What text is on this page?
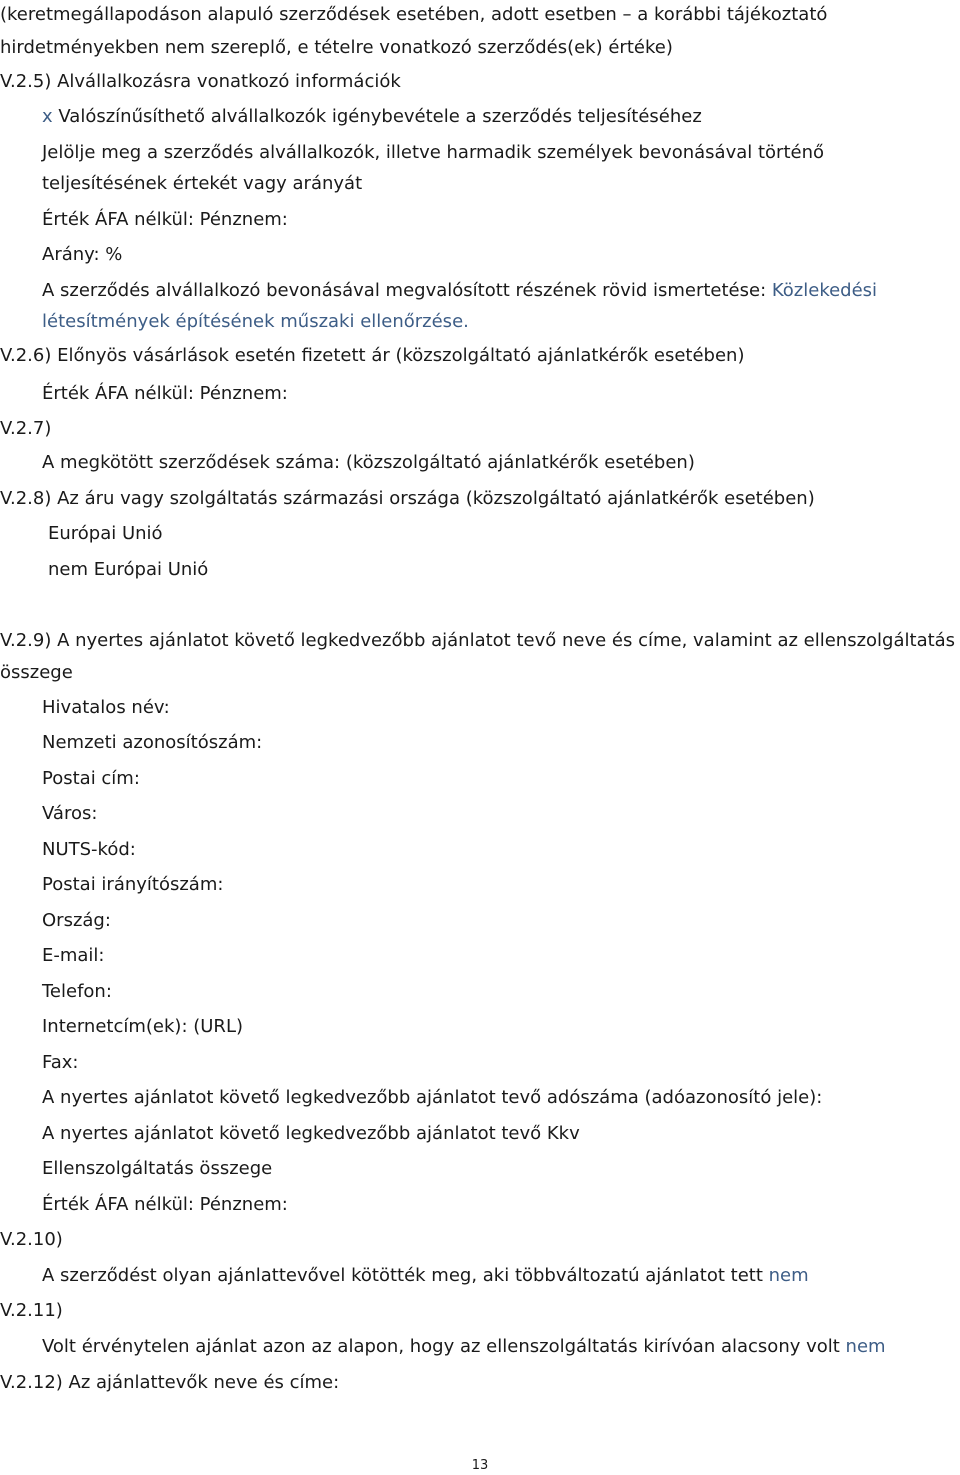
(keretmegállapodáson alapuló szerződések esetében, adott esetben – a korábbi tájékoztató
hirdetményekben nem szereplő, e tételre vonatkozó szerződés(ek) értéke)
V.2.5) Alvállalkozásra vonatkozó információk
x Valószínűsíthető alvállalkozók igénybevétele a szerződés teljesítéséhez
Jelölje meg a szerződés alvállalkozók, illetve harmadik személyek bevonásával történő
teljesítésének értekét vagy arányát
Érték ÁFA nélkül: Pénznem:
Arány: %
A szerződés alvállalkozó bevonásával megvalósított részének rövid ismertetése: Közlekedési
létesítmények építésének műszaki ellenőrzése.
V.2.6) Előnyös vásárlások esetén fizetett ár (közszolgáltató ajánlatkérők esetében)
Érték ÁFA nélkül: Pénznem:
V.2.7)
A megkötött szerződések száma: (közszolgáltató ajánlatkérők esetében)
V.2.8) Az áru vagy szolgáltatás származási országa (közszolgáltató ajánlatkérők esetében)
Európai Unió
nem Európai Unió
V.2.9) A nyertes ajánlatot követő legkedvezőbb ajánlatot tevő neve és címe, valamint az ellenszolgáltatás
összege
Hivatalos név:
Nemzeti azonosítószám:
Postai cím:
Város:
NUTS-kód:
Postai irányítószám:
Ország:
E-mail:
Telefon:
Internetcím(ek): (URL)
Fax:
A nyertes ajánlatot követő legkedvezőbb ajánlatot tevő adószáma (adóazonosító jele):
A nyertes ajánlatot követő legkedvezőbb ajánlatot tevő Kkv
Ellenszolgáltatás összege
Érték ÁFA nélkül: Pénznem:
V.2.10)
A szerződést olyan ajánlattevővel kötötték meg, aki többváltozatú ajánlatot tett nem
V.2.11)
Volt érvénytelen ajánlat azon az alapon, hogy az ellenszolgáltatás kirívóan alacsony volt nem
V.2.12) Az ajánlattevők neve és címe:
13
